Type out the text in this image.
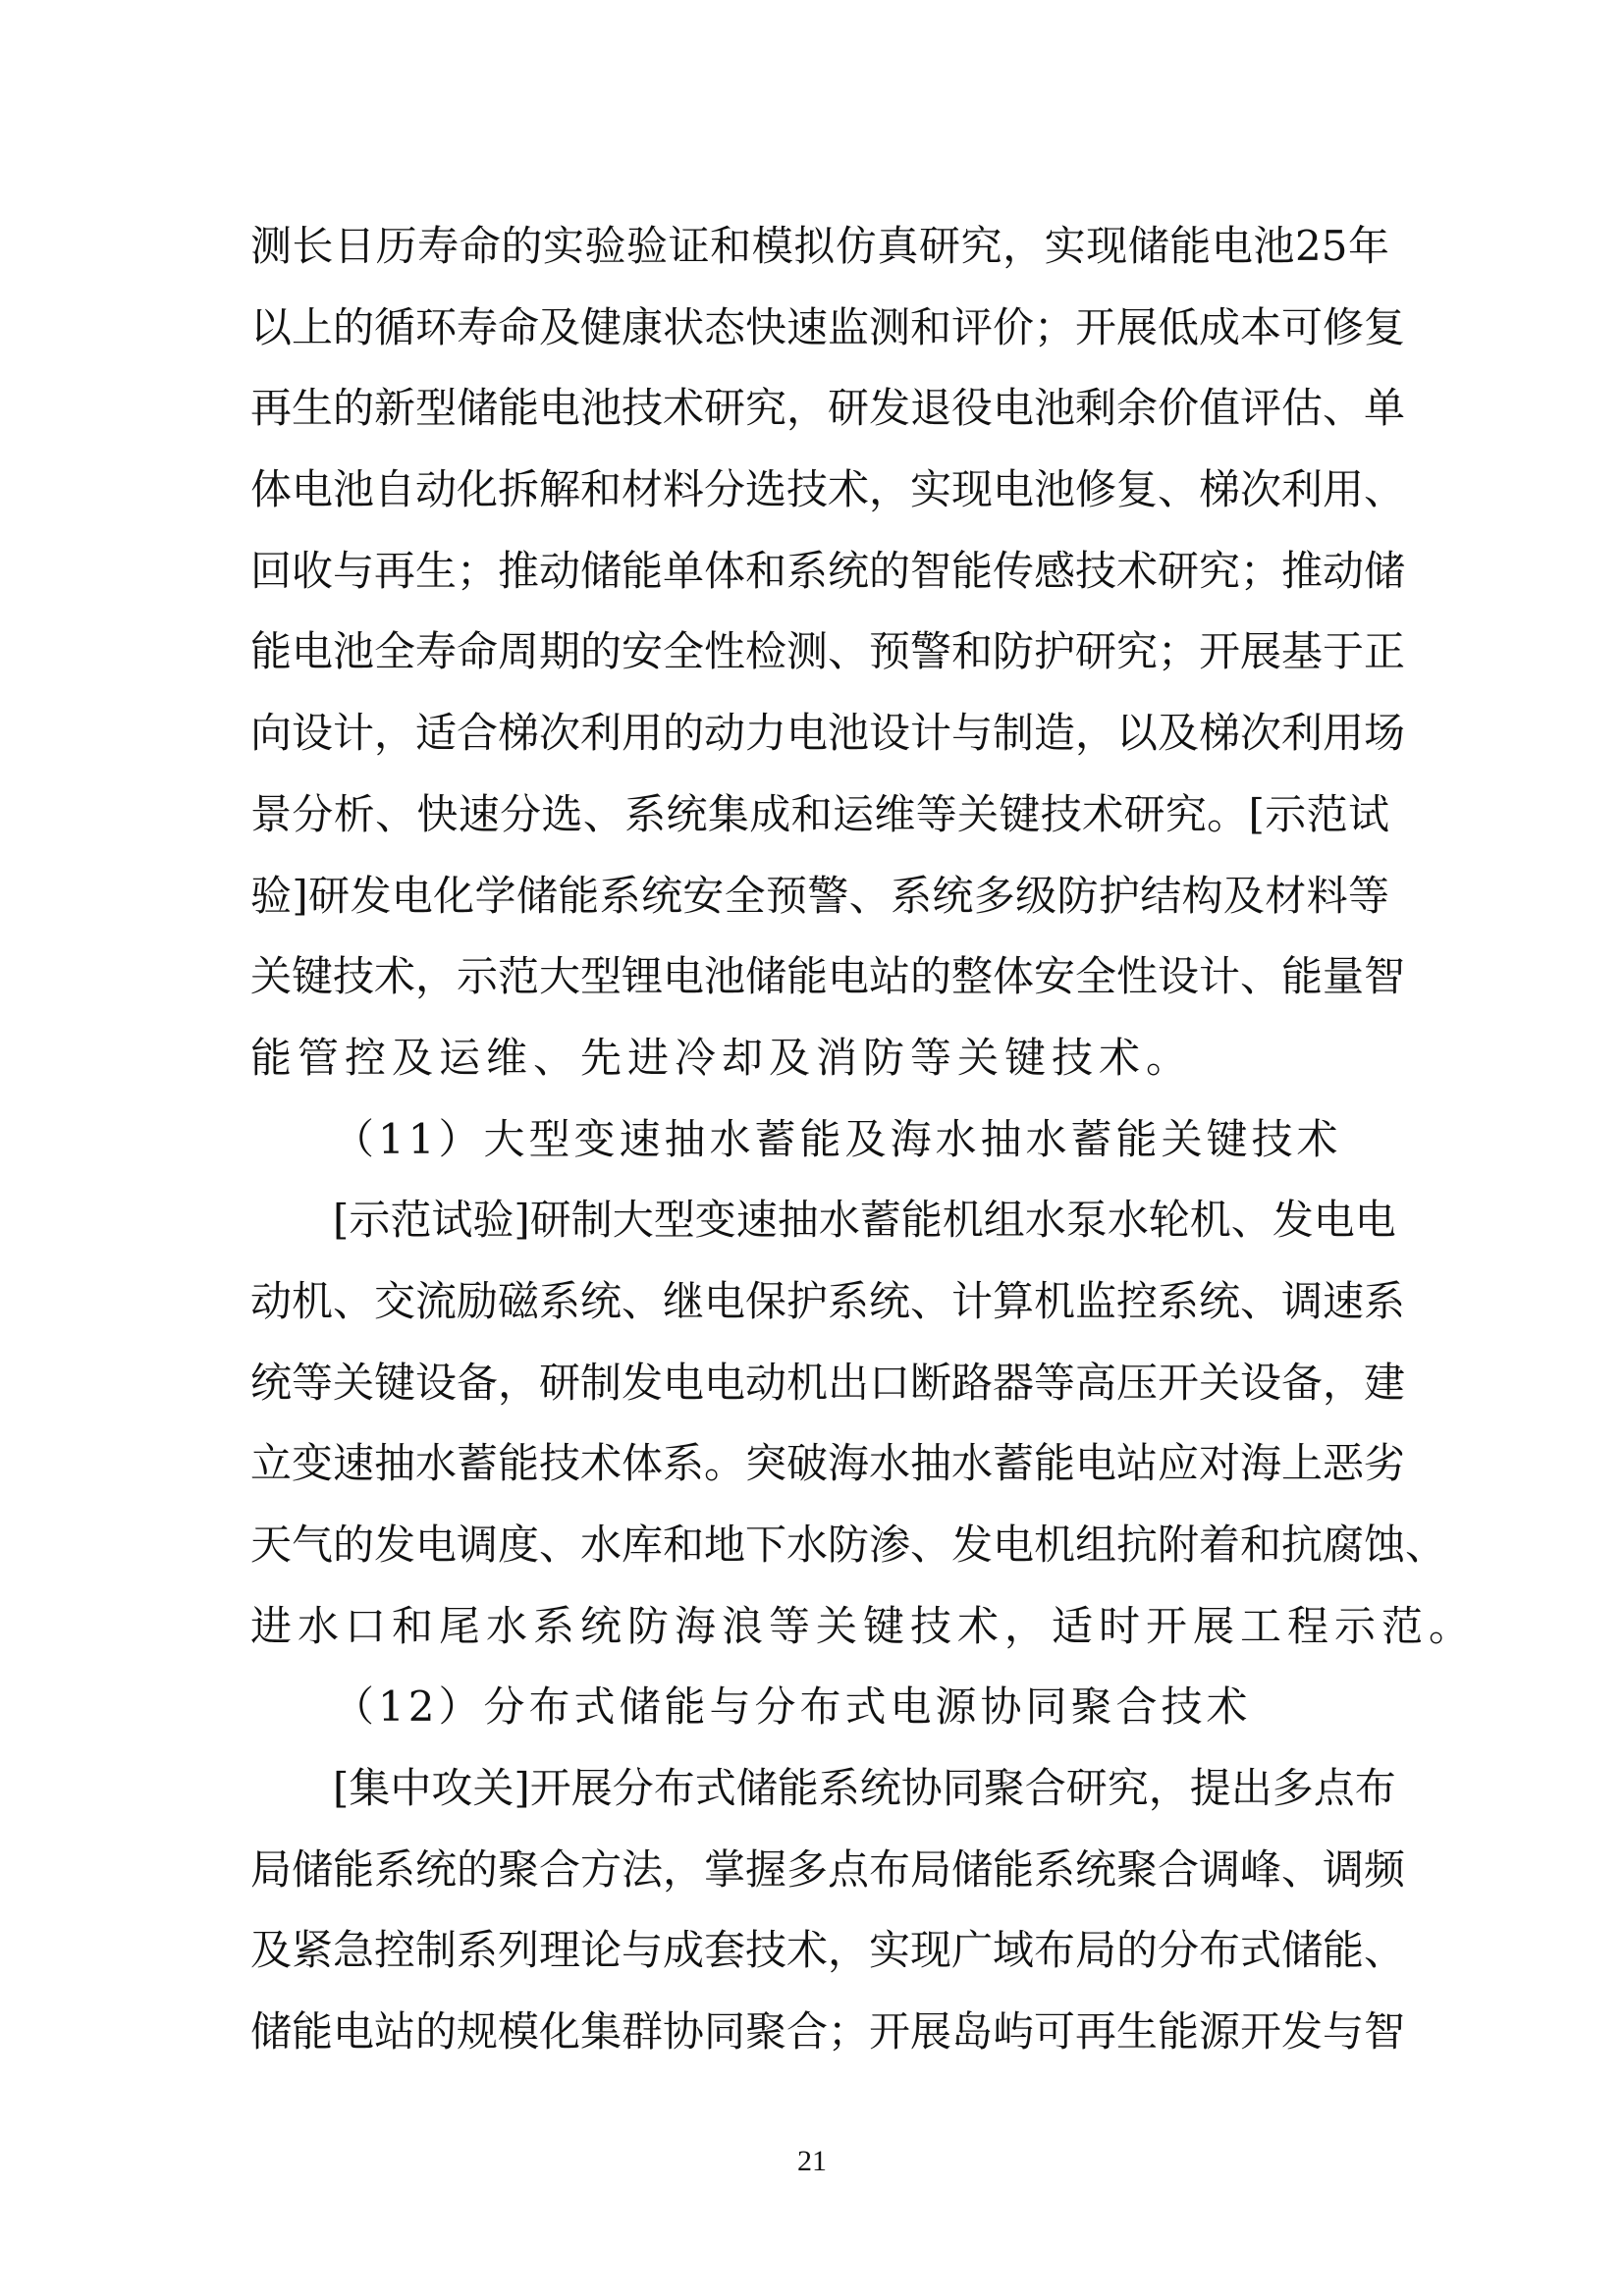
测长日历寿命的实验验证和模拟仿真研究，实现储能电池25年
以上的循环寿命及健康状态快速监测和评价；开展低成本可修复
再生的新型储能电池技术研究，研发退役电池剩余价值评估、单
体电池自动化拆解和材料分选技术，实现电池修复、梯次利用、
回收与再生；推动储能单体和系统的智能传感技术研究；推动储
能电池全寿命周期的安全性检测、预警和防护研究；开展基于正
向设计，适合梯次利用的动力电池设计与制造，以及梯次利用场
景分析、快速分选、系统集成和运维等关键技术研究。[示范试
验]研发电化学储能系统安全预警、系统多级防护结构及材料等
关键技术，示范大型锂电池储能电站的整体安全性设计、能量智
能管控及运维、先进冷却及消防等关键技术。
（11）大型变速抽水蓄能及海水抽水蓄能关键技术
[示范试验]研制大型变速抽水蓄能机组水泵水轮机、发电电
动机、交流励磁系统、继电保护系统、计算机监控系统、调速系
统等关键设备，研制发电电动机出口断路器等高压开关设备，建
立变速抽水蓄能技术体系。突破海水抽水蓄能电站应对海上恶劣
天气的发电调度、水库和地下水防渗、发电机组抗附着和抗腐蚀、
进水口和尾水系统防海浪等关键技术，适时开展工程示范。
（12）分布式储能与分布式电源协同聚合技术
[集中攻关]开展分布式储能系统协同聚合研究，提出多点布
局储能系统的聚合方法，掌握多点布局储能系统聚合调峰、调频
及紧急控制系列理论与成套技术，实现广域布局的分布式储能、
储能电站的规模化集群协同聚合；开展岛屿可再生能源开发与智
21
